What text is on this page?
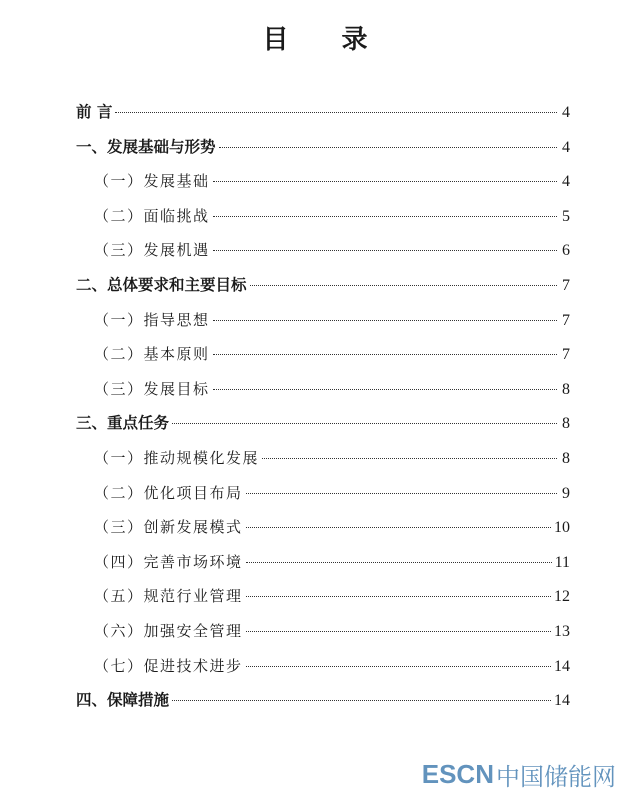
目 录
前 言	4
一、发展基础与形势	4
（一）发展基础	4
（二）面临挑战	5
（三）发展机遇	6
二、总体要求和主要目标	7
（一）指导思想	7
（二）基本原则	7
（三）发展目标	8
三、重点任务	8
（一）推动规模化发展	8
（二）优化项目布局	9
（三）创新发展模式	10
（四）完善市场环境	11
（五）规范行业管理	12
（六）加强安全管理	13
（七）促进技术进步	14
四、保障措施	14
ESCN 中国储能网
